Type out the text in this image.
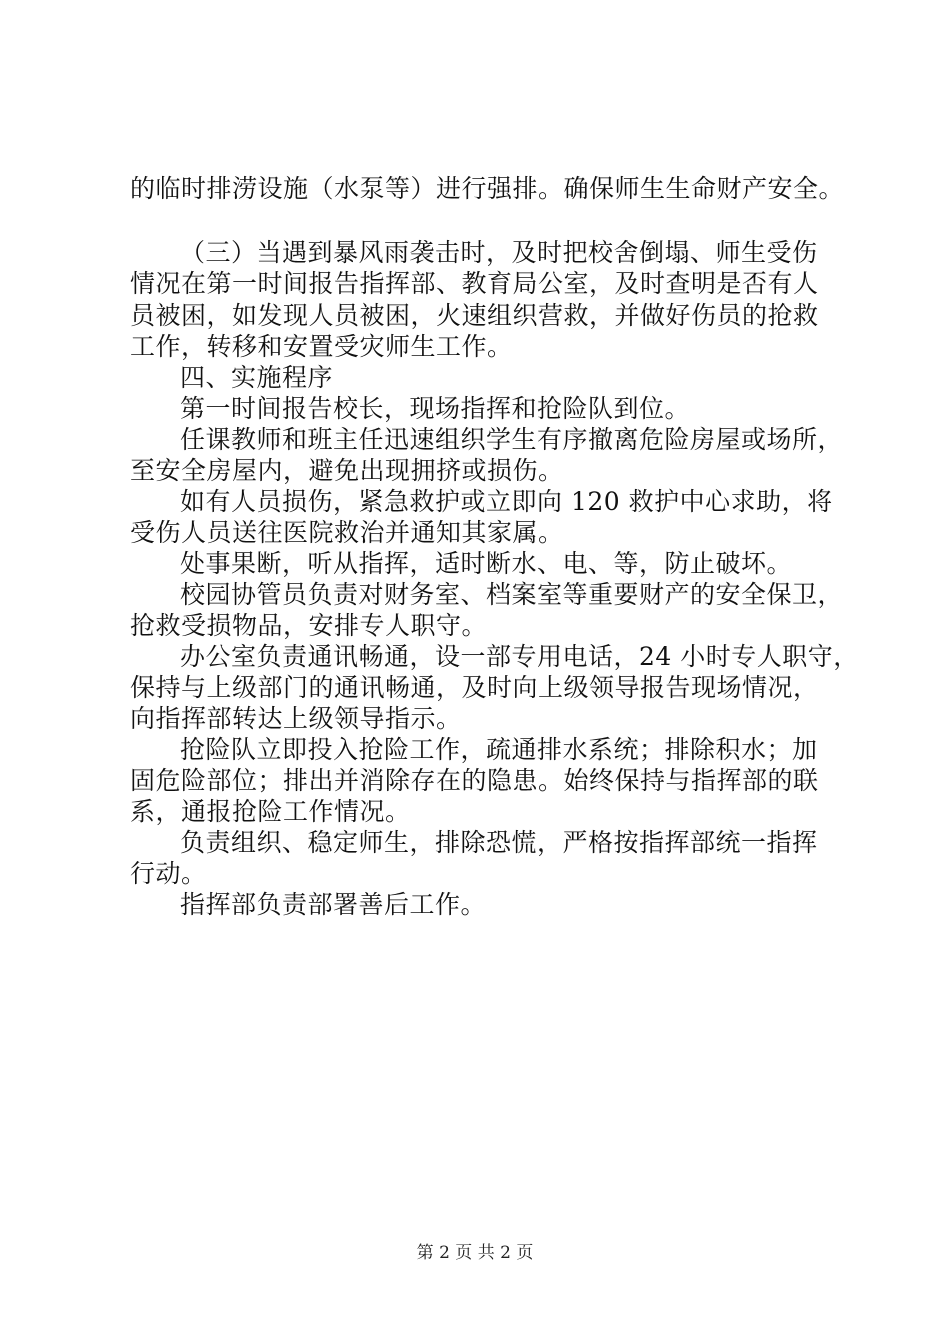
的临时排涝设施（水泵等）进行强排。确保师生生命财产安全。
（三）当遇到暴风雨袭击时，及时把校舍倒塌、师生受伤
情况在第一时间报告指挥部、教育局公室，及时查明是否有人
员被困，如发现人员被困，火速组织营救，并做好伤员的抢救
工作，转移和安置受灾师生工作。
四、实施程序
第一时间报告校长，现场指挥和抢险队到位。
任课教师和班主任迅速组织学生有序撤离危险房屋或场所，
至安全房屋内，避免出现拥挤或损伤。
如有人员损伤，紧急救护或立即向 120 救护中心求助，将
受伤人员送往医院救治并通知其家属。
处事果断，听从指挥，适时断水、电、等，防止破坏。
校园协管员负责对财务室、档案室等重要财产的安全保卫，
抢救受损物品，安排专人职守。
办公室负责通讯畅通，设一部专用电话，24 小时专人职守，
保持与上级部门的通讯畅通，及时向上级领导报告现场情况，
向指挥部转达上级领导指示。
抢险队立即投入抢险工作，疏通排水系统；排除积水；加
固危险部位；排出并消除存在的隐患。始终保持与指挥部的联
系，通报抢险工作情况。
负责组织、稳定师生，排除恐慌，严格按指挥部统一指挥
行动。
指挥部负责部署善后工作。
第 2 页 共 2 页
